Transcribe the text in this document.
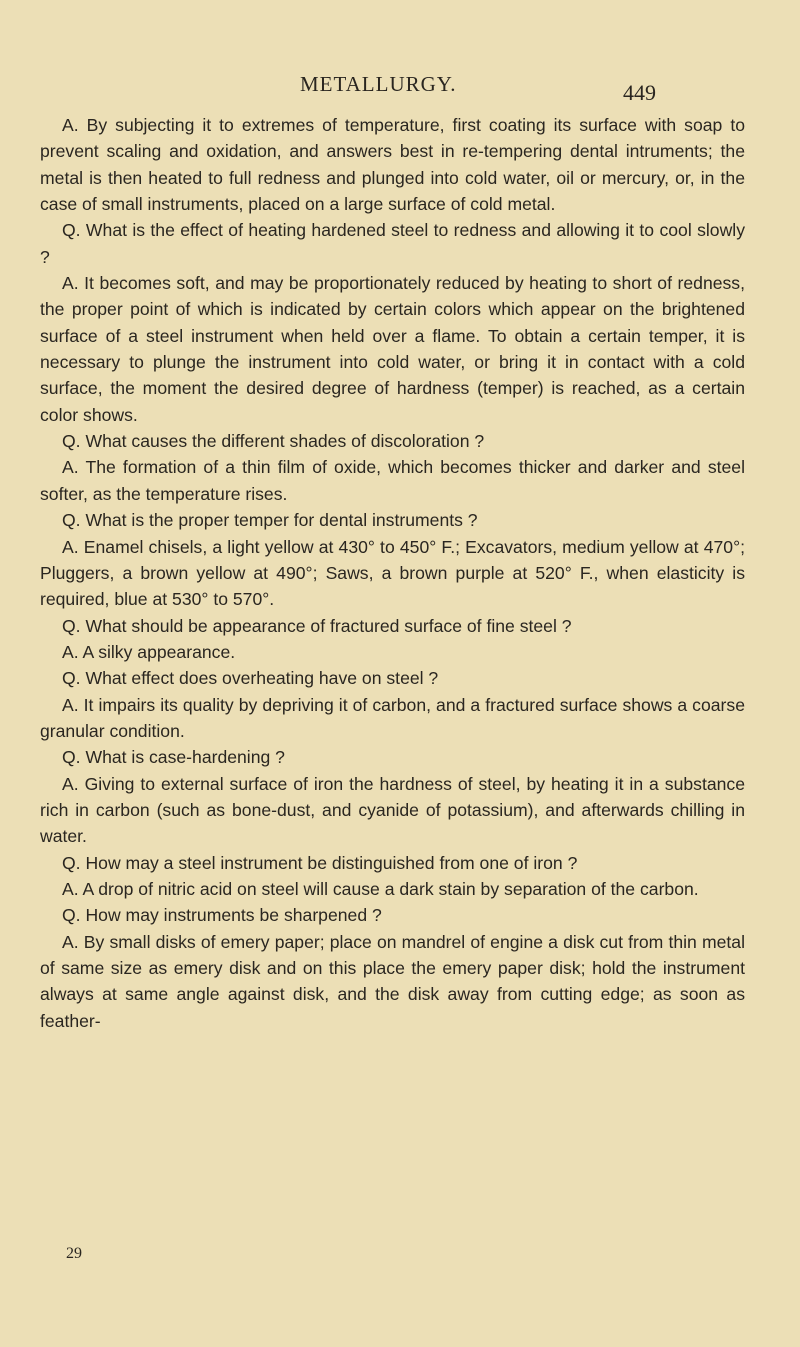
METALLURGY.	449

A. By subjecting it to extremes of temperature, first coating its surface with soap to prevent scaling and oxidation, and answers best in re-tempering dental intruments; the metal is then heated to full redness and plunged into cold water, oil or mercury, or, in the case of small instruments, placed on a large surface of cold metal.

Q. What is the effect of heating hardened steel to redness and allowing it to cool slowly ?

A. It becomes soft, and may be proportionately reduced by heating to short of redness, the proper point of which is indicated by certain colors which appear on the brightened surface of a steel instrument when held over a flame. To obtain a certain temper, it is necessary to plunge the instrument into cold water, or bring it in contact with a cold surface, the moment the desired degree of hardness (temper) is reached, as a certain color shows.

Q. What causes the different shades of discoloration ?

A. The formation of a thin film of oxide, which becomes thicker and darker and steel softer, as the temperature rises.

Q. What is the proper temper for dental instruments ?

A. Enamel chisels, a light yellow at 430° to 450° F.; Excavators, medium yellow at 470°; Pluggers, a brown yellow at 490°; Saws, a brown purple at 520° F., when elasticity is required, blue at 530° to 570°.

Q. What should be appearance of fractured surface of fine steel ?

A. A silky appearance.

Q. What effect does overheating have on steel ?

A. It impairs its quality by depriving it of carbon, and a fractured surface shows a coarse granular condition.

Q. What is case-hardening ?

A. Giving to external surface of iron the hardness of steel, by heating it in a substance rich in carbon (such as bone-dust, and cyanide of potassium), and afterwards chilling in water.

Q. How may a steel instrument be distinguished from one of iron ?

A. A drop of nitric acid on steel will cause a dark stain by separation of the carbon.

Q. How may instruments be sharpened ?

A. By small disks of emery paper; place on mandrel of engine a disk cut from thin metal of same size as emery disk and on this place the emery paper disk; hold the instrument always at same angle against disk, and the disk away from cutting edge; as soon as feather-

29
